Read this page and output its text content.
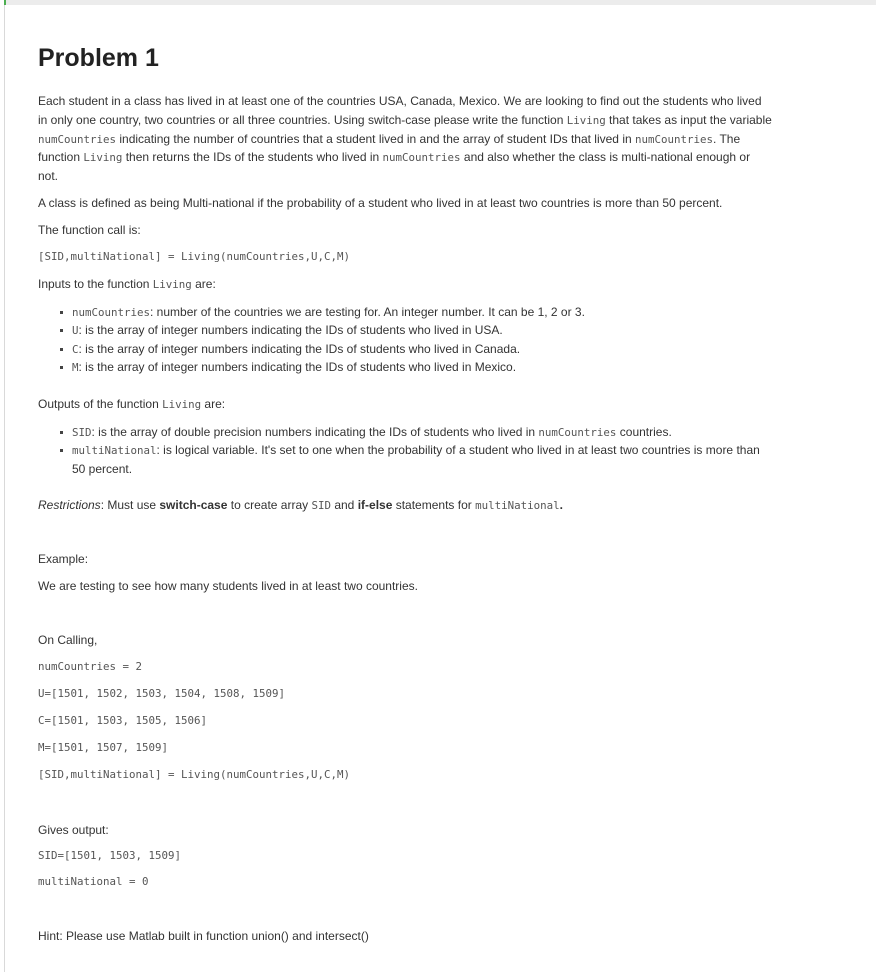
Problem 1
Each student in a class has lived in at least one of the countries USA, Canada, Mexico. We are looking to find out the students who lived
in only one country, two countries or all three countries. Using switch-case please write the function Living that takes as input the variable
numCountries indicating the number of countries that a student lived in and the array of student IDs that lived in numCountries. The
function Living then returns the IDs of the students who lived in numCountries and also whether the class is multi-national enough or
not.
A class is defined as being Multi-national if the probability of a student who lived in at least two countries is more than 50 percent.
The function call is:
[SID,multiNational] = Living(numCountries,U,C,M)
Inputs to the function Living are:
numCountries: number of the countries we are testing for. An integer number. It can be 1, 2 or 3.
U: is the array of integer numbers indicating the IDs of students who lived in USA.
C: is the array of integer numbers indicating the IDs of students who lived in Canada.
M: is the array of integer numbers indicating the IDs of students who lived in Mexico.
Outputs of the function Living are:
SID: is the array of double precision numbers indicating the IDs of students who lived in numCountries countries.
multiNational: is logical variable. It's set to one when the probability of a student who lived in at least two countries is more than
50 percent.
Restrictions: Must use switch-case to create array SID and if-else statements for multiNational.
Example:
We are testing to see how many students lived in at least two countries.
On Calling,
numCountries = 2
U=[1501, 1502, 1503, 1504, 1508, 1509]
C=[1501, 1503, 1505, 1506]
M=[1501, 1507, 1509]
[SID,multiNational] = Living(numCountries,U,C,M)
Gives output:
SID=[1501, 1503, 1509]
multiNational = 0
Hint: Please use Matlab built in function union() and intersect()
